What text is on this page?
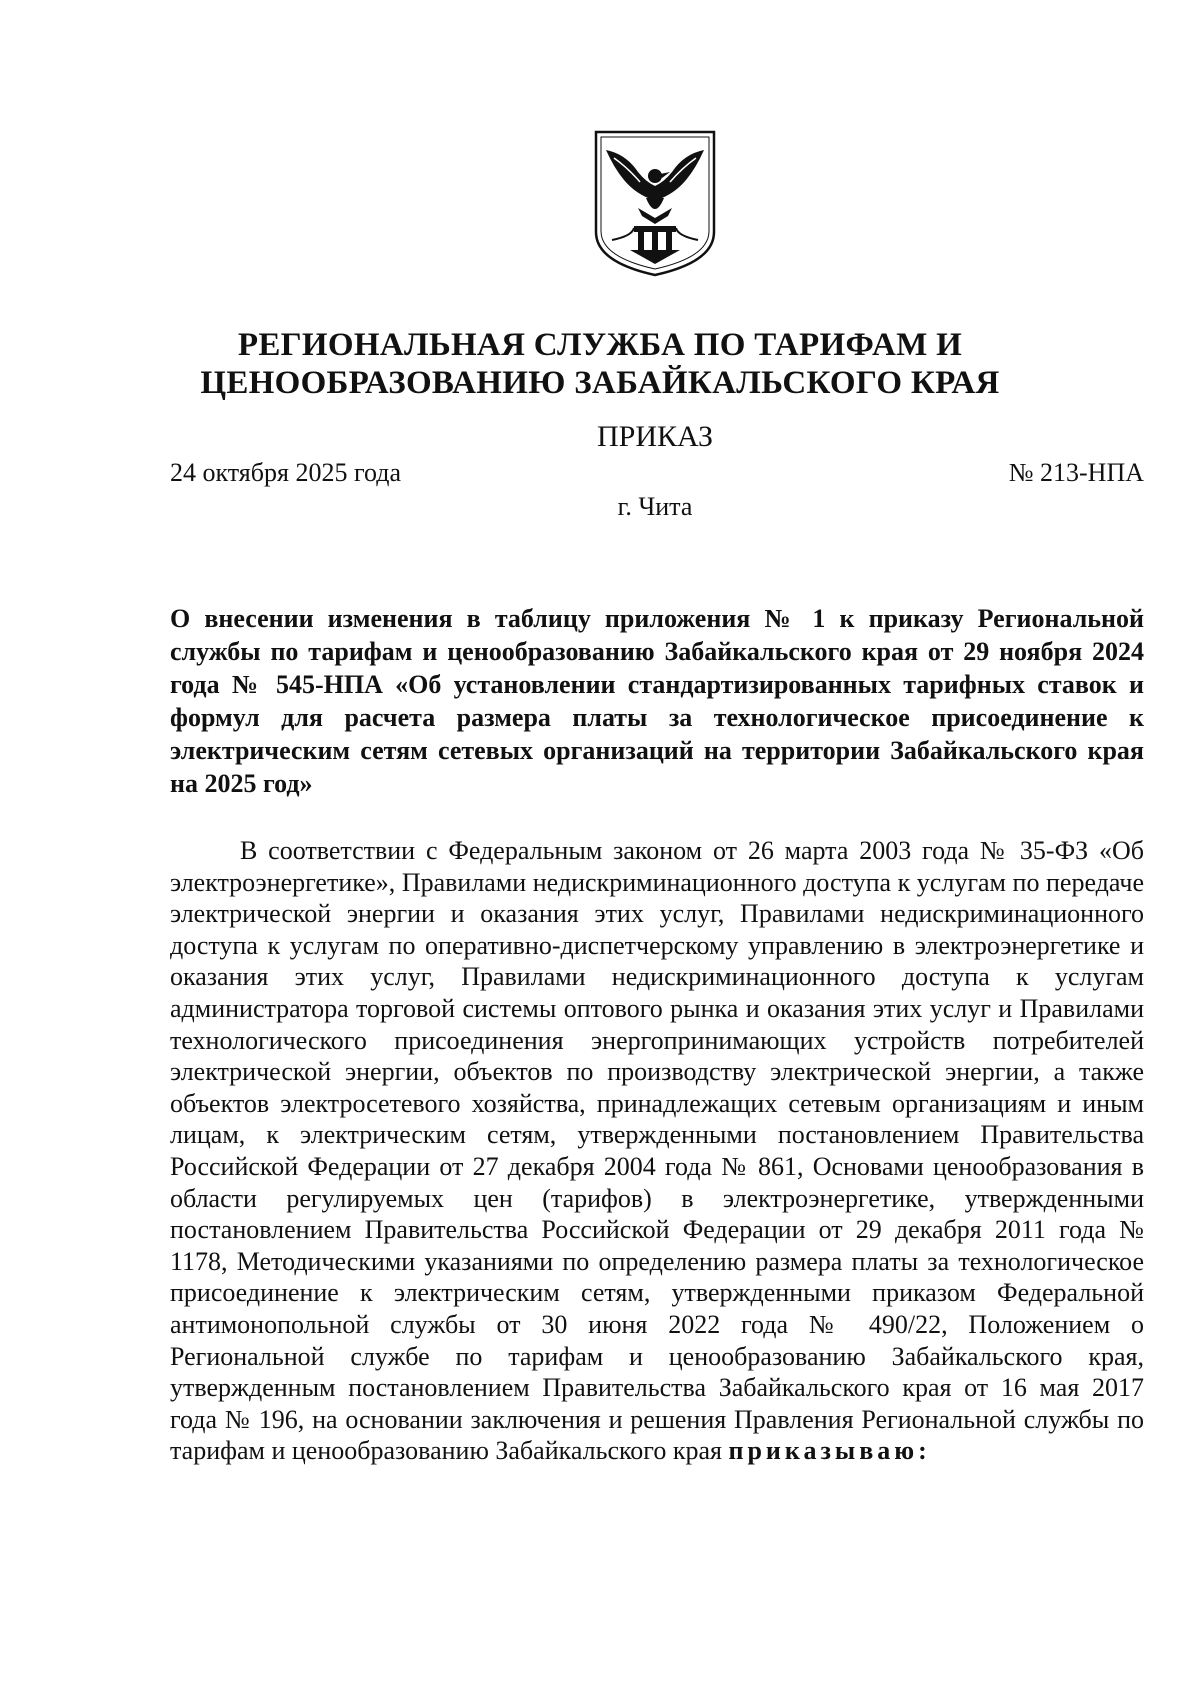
РЕГИОНАЛЬНАЯ СЛУЖБА ПО ТАРИФАМ И
ЦЕНООБРАЗОВАНИЮ ЗАБАЙКАЛЬСКОГО КРАЯ
ПРИКАЗ
24 октября 2025 года	№ 213-НПА
г. Чита
О внесении изменения в таблицу приложения № 1 к приказу Региональной службы по тарифам и ценообразованию Забайкальского края от 29 ноября 2024 года № 545-НПА «Об установлении стандартизированных тарифных ставок и формул для расчета размера платы за технологическое присоединение к электрическим сетям сетевых организаций на территории Забайкальского края на 2025 год»

В соответствии с Федеральным законом от 26 марта 2003 года № 35-ФЗ «Об электроэнергетике», Правилами недискриминационного доступа к услугам по передаче электрической энергии и оказания этих услуг, Правилами недискриминационного доступа к услугам по оперативно-диспетчерскому управлению в электроэнергетике и оказания этих услуг, Правилами недискриминационного доступа к услугам администратора торговой системы оптового рынка и оказания этих услуг и Правилами технологического присоединения энергопринимающих устройств потребителей электрической энергии, объектов по производству электрической энергии, а также объектов электросетевого хозяйства, принадлежащих сетевым организациям и иным лицам, к электрическим сетям, утвержденными постановлением Правительства Российской Федерации от 27 декабря 2004 года № 861, Основами ценообразования в области регулируемых цен (тарифов) в электроэнергетике, утвержденными постановлением Правительства Российской Федерации от 29 декабря 2011 года № 1178, Методическими указаниями по определению размера платы за технологическое присоединение к электрическим сетям, утвержденными приказом Федеральной антимонопольной службы от 30 июня 2022 года № 490/22, Положением о Региональной службе по тарифам и ценообразованию Забайкальского края, утвержденным постановлением Правительства Забайкальского края от 16 мая 2017 года № 196, на основании заключения и решения Правления Региональной службы по тарифам и ценообразованию Забайкальского края приказываю:
